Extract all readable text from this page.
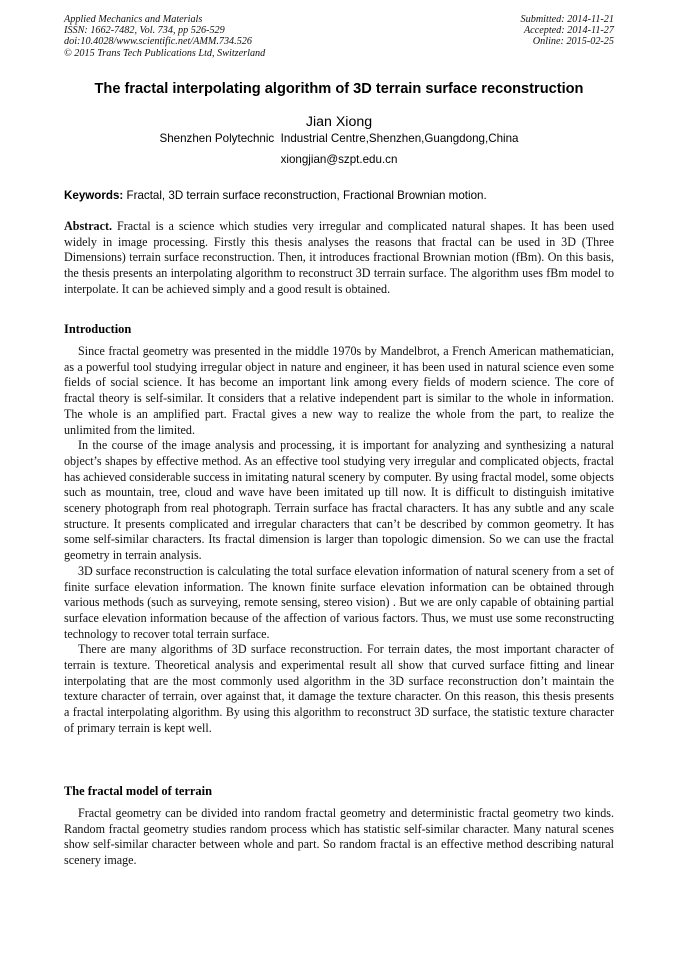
Applied Mechanics and Materials
ISSN: 1662-7482, Vol. 734, pp 526-529
doi:10.4028/www.scientific.net/AMM.734.526
© 2015 Trans Tech Publications Ltd, Switzerland
Submitted: 2014-11-21
Accepted: 2014-11-27
Online: 2015-02-25
The fractal interpolating algorithm of 3D terrain surface reconstruction
Jian Xiong
Shenzhen Polytechnic  Industrial Centre,Shenzhen,Guangdong,China
xiongjian@szpt.edu.cn
Keywords: Fractal, 3D terrain surface reconstruction, Fractional Brownian motion.
Abstract. Fractal is a science which studies very irregular and complicated natural shapes. It has been used widely in image processing. Firstly this thesis analyses the reasons that fractal can be used in 3D (Three Dimensions) terrain surface reconstruction. Then, it introduces fractional Brownian motion (fBm). On this basis, the thesis presents an interpolating algorithm to reconstruct 3D terrain surface. The algorithm uses fBm model to interpolate. It can be achieved simply and a good result is obtained.
Introduction

Since fractal geometry was presented in the middle 1970s by Mandelbrot, a French American mathematician, as a powerful tool studying irregular object in nature and engineer, it has been used in natural science even some fields of social science. It has become an important link among every fields of modern science. The core of fractal theory is self-similar. It considers that a relative independent part is similar to the whole in information. The whole is an amplified part. Fractal gives a new way to realize the whole from the part, to realize the unlimited from the limited.

In the course of the image analysis and processing, it is important for analyzing and synthesizing a natural object’s shapes by effective method. As an effective tool studying very irregular and complicated objects, fractal has achieved considerable success in imitating natural scenery by computer. By using fractal model, some objects such as mountain, tree, cloud and wave have been imitated up till now. It is difficult to distinguish imitative scenery photograph from real photograph. Terrain surface has fractal characters. It has any subtle and any scale structure. It presents complicated and irregular characters that can’t be described by common geometry. It has some self-similar characters. Its fractal dimension is larger than topologic dimension. So we can use the fractal geometry in terrain analysis.

3D surface reconstruction is calculating the total surface elevation information of natural scenery from a set of finite surface elevation information. The known finite surface elevation information can be obtained through various methods (such as surveying, remote sensing, stereo vision) . But we are only capable of obtaining partial surface elevation information because of the affection of various factors. Thus, we must use some reconstructing technology to recover total terrain surface.

There are many algorithms of 3D surface reconstruction. For terrain dates, the most important character of terrain is texture. Theoretical analysis and experimental result all show that curved surface fitting and linear interpolating that are the most commonly used algorithm in the 3D surface reconstruction don’t maintain the texture character of terrain, over against that, it damage the texture character. On this reason, this thesis presents a fractal interpolating algorithm. By using this algorithm to reconstruct 3D surface, the statistic texture character of primary terrain is kept well.

The fractal model of terrain

Fractal geometry can be divided into random fractal geometry and deterministic fractal geometry two kinds. Random fractal geometry studies random process which has statistic self-similar character. Many natural scenes show self-similar character between whole and part. So random fractal is an effective method describing natural scenery image.
